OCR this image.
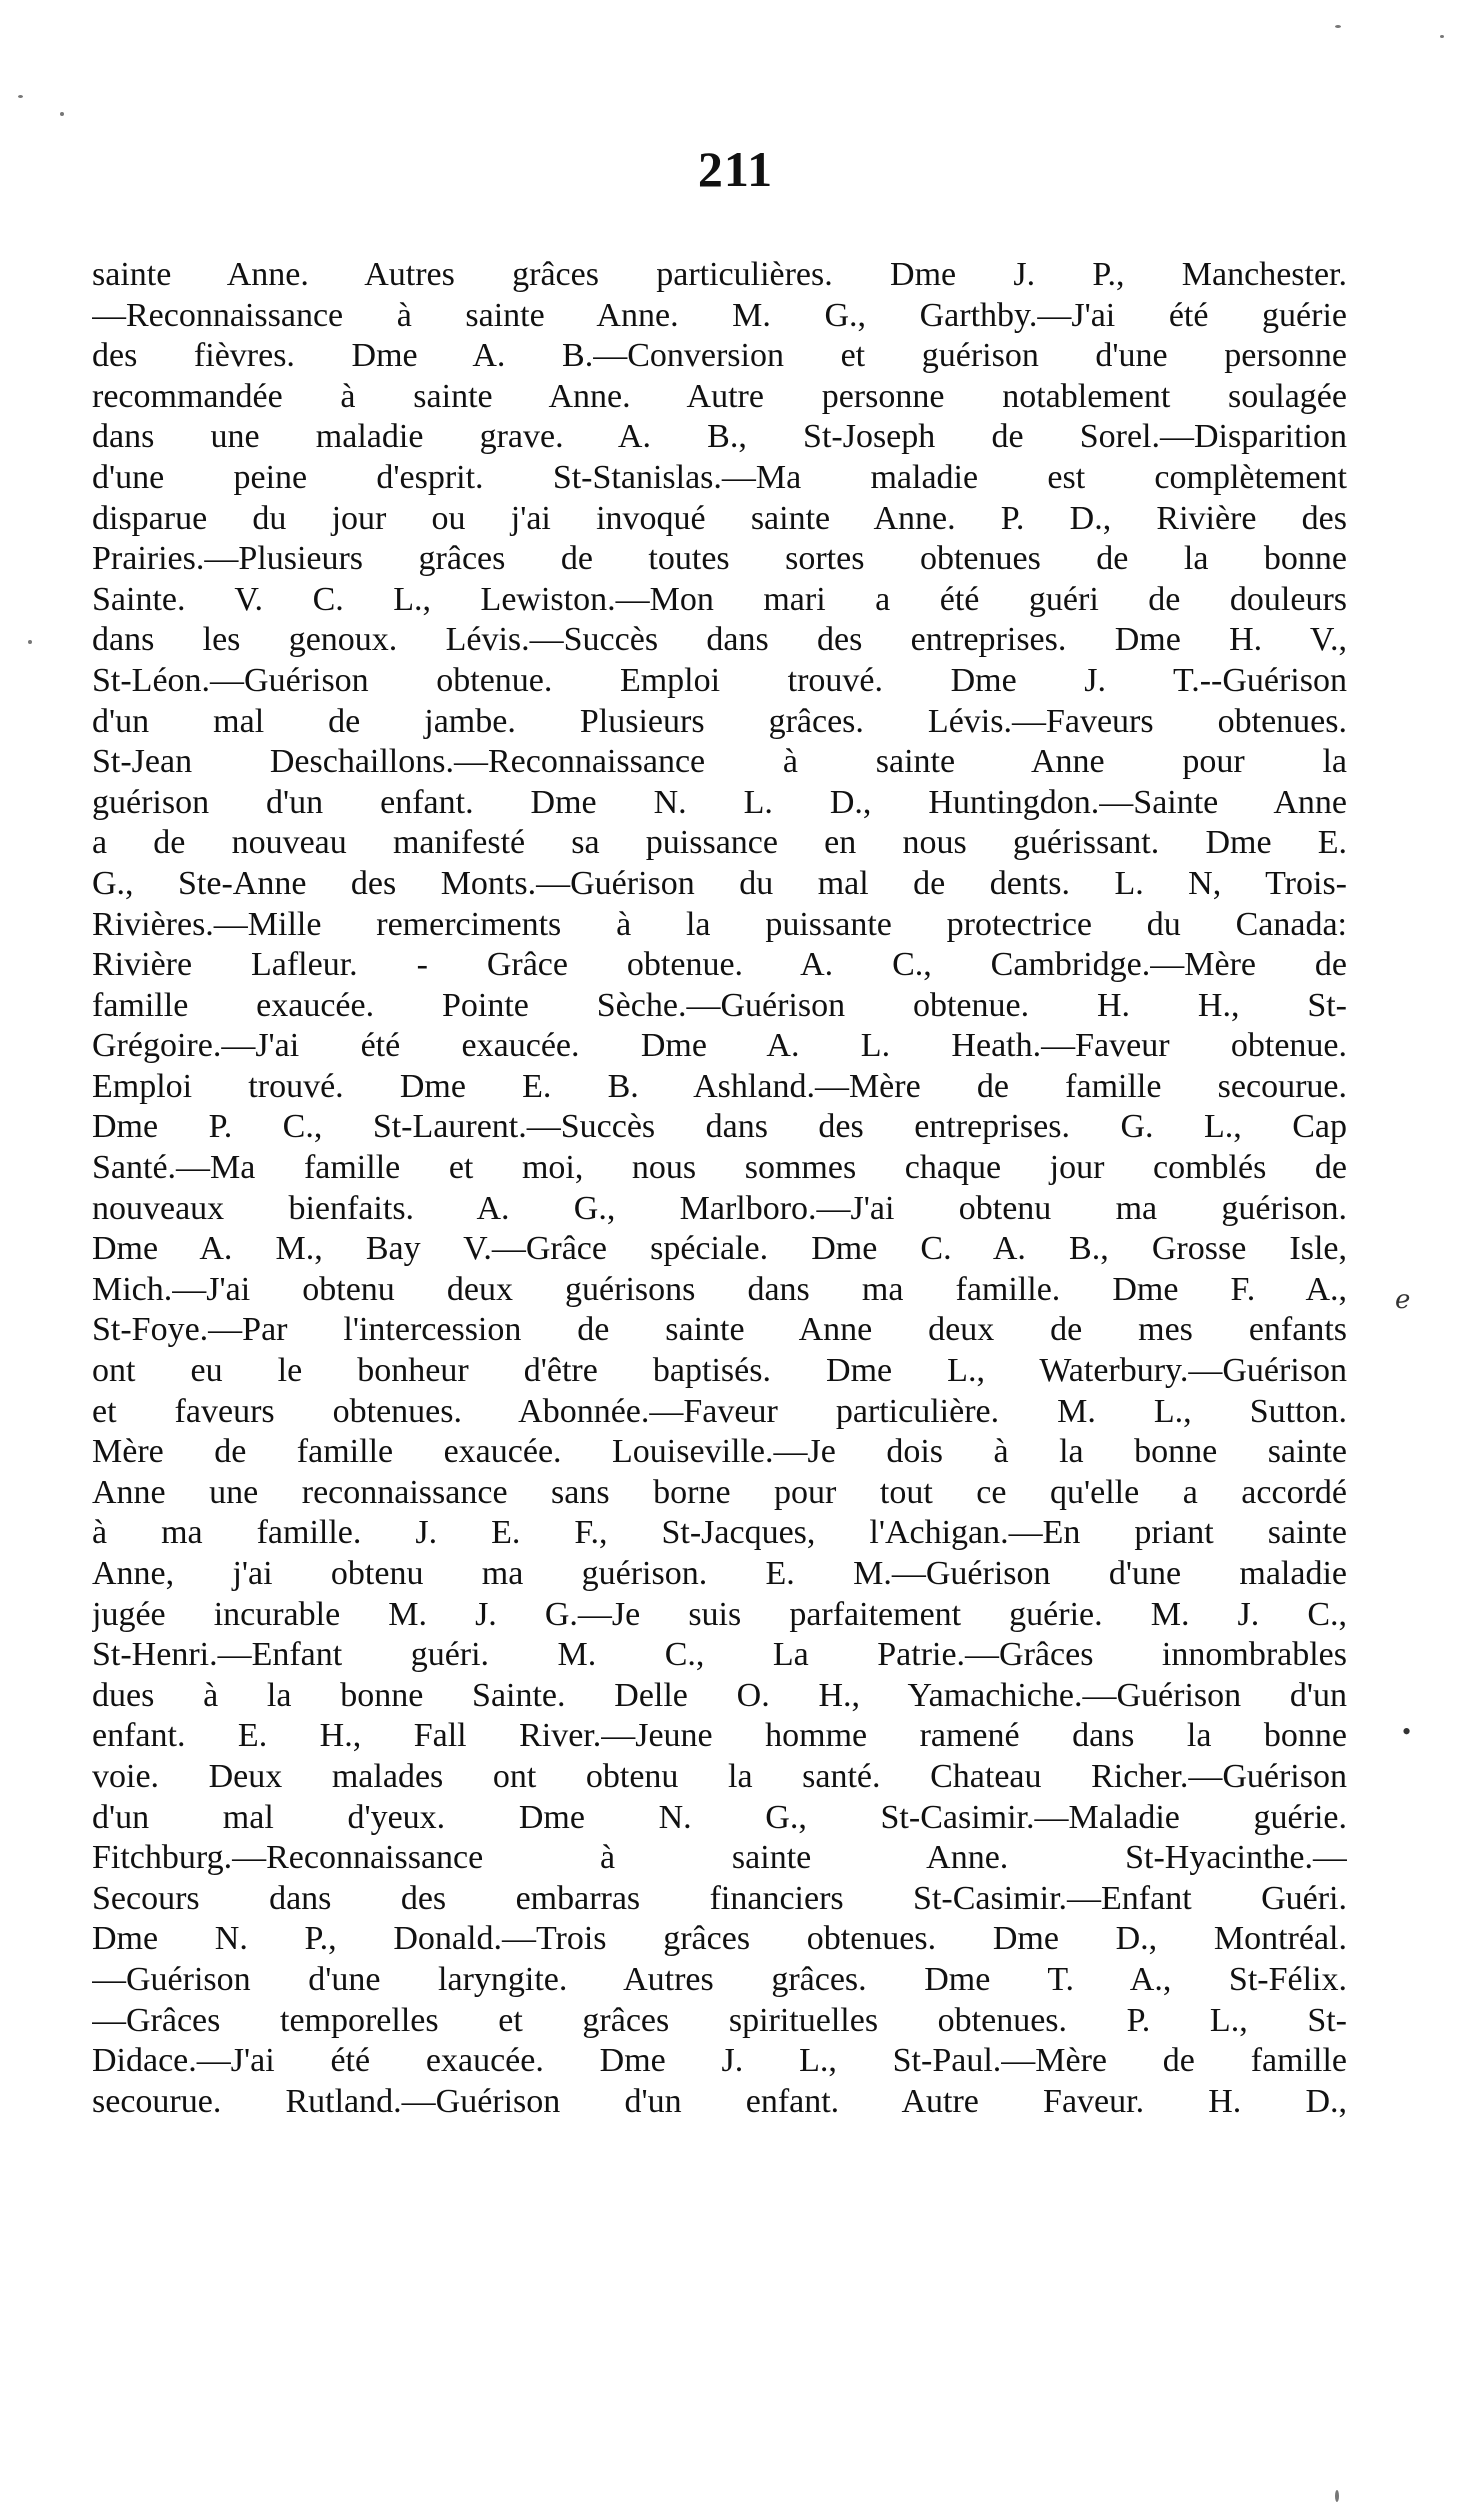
211
sainte Anne. Autres grâces particulières. Dme J. P., Manchester.
—Reconnaissance à sainte Anne. M. G., Garthby.—J'ai été guérie
des fièvres. Dme A. B.—Conversion et guérison d'une personne
recommandée à sainte Anne. Autre personne notablement soulagée
dans une maladie grave. A. B., St-Joseph de Sorel.—Disparition
d'une peine d'esprit. St-Stanislas.—Ma maladie est complètement
disparue du jour ou j'ai invoqué sainte Anne. P. D., Rivière des
Prairies.—Plusieurs grâces de toutes sortes obtenues de la bonne
Sainte. V. C. L., Lewiston.—Mon mari a été guéri de douleurs
dans les genoux. Lévis.—Succès dans des entreprises. Dme H. V.,
St-Léon.—Guérison obtenue. Emploi trouvé. Dme J. T.--Guérison
d'un mal de jambe. Plusieurs grâces. Lévis.—Faveurs obtenues.
St-Jean Deschaillons.—Reconnaissance à sainte Anne pour la
guérison d'un enfant. Dme N. L. D., Huntingdon.—Sainte Anne
a de nouveau manifesté sa puissance en nous guérissant. Dme E.
G., Ste-Anne des Monts.—Guérison du mal de dents. L. N, Trois-
Rivières.—Mille remerciments à la puissante protectrice du Canada:
Rivière Lafleur. - Grâce obtenue. A. C., Cambridge.—Mère de
famille exaucée. Pointe Sèche.—Guérison obtenue. H. H., St-
Grégoire.—J'ai été exaucée. Dme A. L. Heath.—Faveur obtenue.
Emploi trouvé. Dme E. B. Ashland.—Mère de famille secourue.
Dme P. C., St-Laurent.—Succès dans des entreprises. G. L., Cap
Santé.—Ma famille et moi, nous sommes chaque jour comblés de
nouveaux bienfaits. A. G., Marlboro.—J'ai obtenu ma guérison.
Dme A. M., Bay V.—Grâce spéciale. Dme C. A. B., Grosse Isle,
Mich.—J'ai obtenu deux guérisons dans ma famille. Dme F. A.,
St-Foye.—Par l'intercession de sainte Anne deux de mes enfants
ont eu le bonheur d'être baptisés. Dme L., Waterbury.—Guérison
et faveurs obtenues. Abonnée.—Faveur particulière. M. L., Sutton.
Mère de famille exaucée. Louiseville.—Je dois à la bonne sainte
Anne une reconnaissance sans borne pour tout ce qu'elle a accordé
à ma famille. J. E. F., St-Jacques, l'Achigan.—En priant sainte
Anne, j'ai obtenu ma guérison. E. M.—Guérison d'une maladie
jugée incurable M. J. G.—Je suis parfaitement guérie. M. J. C.,
St-Henri.—Enfant guéri. M. C., La Patrie.—Grâces innombrables
dues à la bonne Sainte. Delle O. H., Yamachiche.—Guérison d'un
enfant. E. H., Fall River.—Jeune homme ramené dans la bonne
voie. Deux malades ont obtenu la santé. Chateau Richer.—Guérison
d'un mal d'yeux. Dme N. G., St-Casimir.—Maladie guérie.
Fitchburg.—Reconnaissance à sainte Anne. St-Hyacinthe.—
Secours dans des embarras financiers St-Casimir.—Enfant Guéri.
Dme N. P., Donald.—Trois grâces obtenues. Dme D., Montréal.
—Guérison d'une laryngite. Autres grâces. Dme T. A., St-Félix.
—Grâces temporelles et grâces spirituelles obtenues. P. L., St-
Didace.—J'ai été exaucée. Dme J. L., St-Paul.—Mère de famille
secourue. Rutland.—Guérison d'un enfant. Autre Faveur. H. D.,
ℯ
•
